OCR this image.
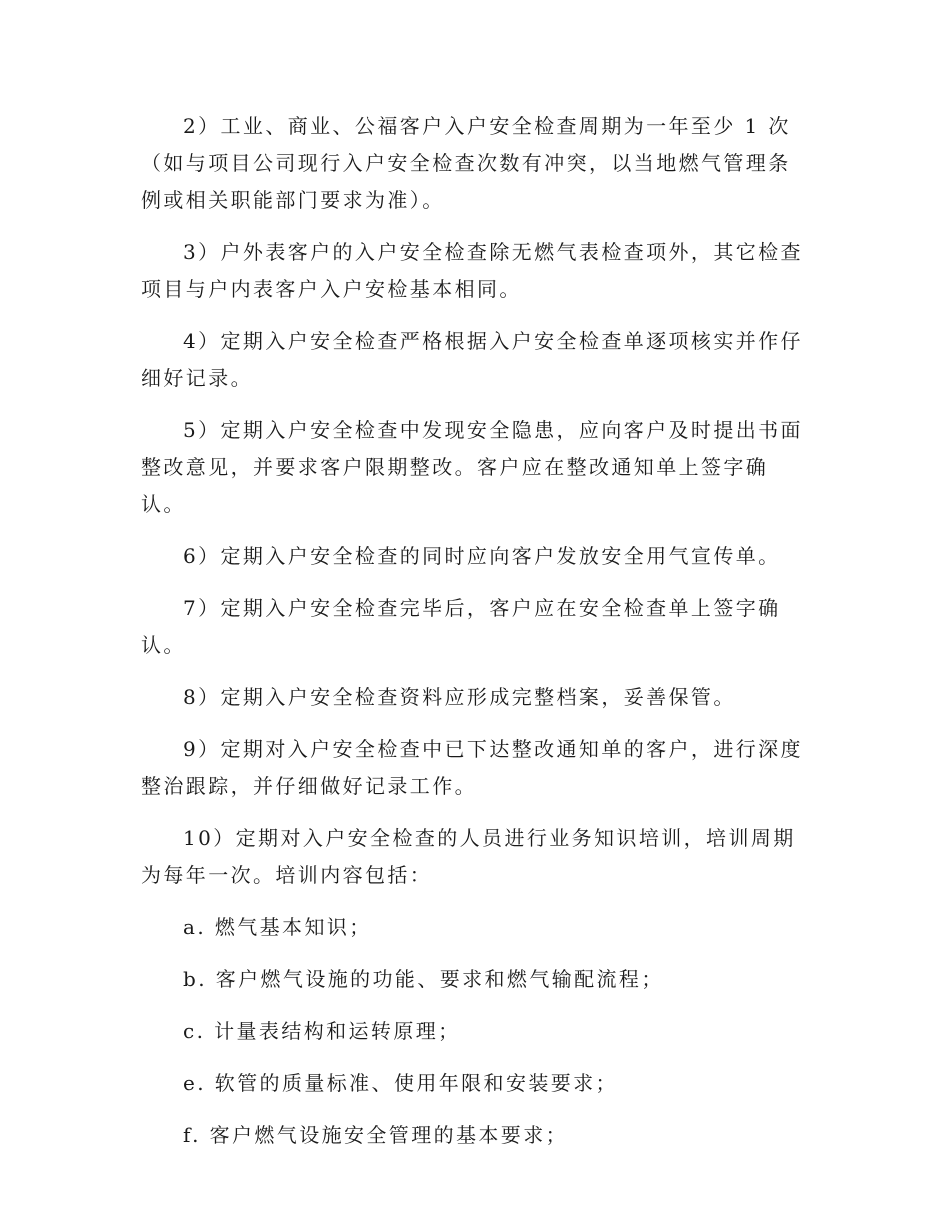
2）工业、商业、公福客户入户安全检查周期为一年至少 1 次（如与项目公司现行入户安全检查次数有冲突，以当地燃气管理条例或相关职能部门要求为准）。

3）户外表客户的入户安全检查除无燃气表检查项外，其它检查项目与户内表客户入户安检基本相同。

4）定期入户安全检查严格根据入户安全检查单逐项核实并作仔细好记录。

5）定期入户安全检查中发现安全隐患，应向客户及时提出书面整改意见，并要求客户限期整改。客户应在整改通知单上签字确认。

6）定期入户安全检查的同时应向客户发放安全用气宣传单。

7）定期入户安全检查完毕后，客户应在安全检查单上签字确认。

8）定期入户安全检查资料应形成完整档案，妥善保管。

9）定期对入户安全检查中已下达整改通知单的客户，进行深度整治跟踪，并仔细做好记录工作。

10）定期对入户安全检查的人员进行业务知识培训，培训周期为每年一次。培训内容包括：

a. 燃气基本知识；

b. 客户燃气设施的功能、要求和燃气输配流程；

c. 计量表结构和运转原理；

e. 软管的质量标准、使用年限和安装要求；

f. 客户燃气设施安全管理的基本要求；
